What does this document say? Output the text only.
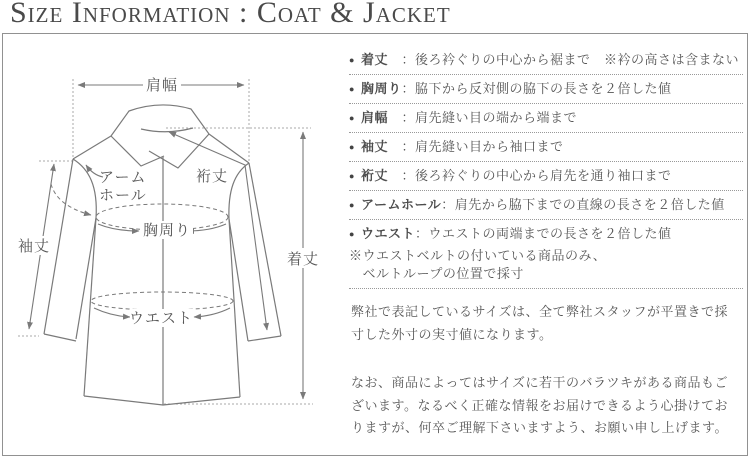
Size Information : Coat & Jacket
肩幅
裄丈
アーム
ホール
胸周り
袖丈
ウエスト
着丈
● 着丈　：後ろ衿ぐりの中心から裾まで　※衿の高さは含まない
● 胸周り：脇下から反対側の脇下の長さを２倍した値
● 肩幅　：肩先縫い目の端から端まで
● 袖丈　：肩先縫い目から袖口まで
● 裄丈　：後ろ衿ぐりの中心から肩先を通り袖口まで
● アームホール：肩先から脇下までの直線の長さを２倍した値
● ウエスト：ウエストの両端までの長さを２倍した値
※ウエストベルトの付いている商品のみ、
　ベルトループの位置で採寸

弊社で表記しているサイズは、全て弊社スタッフが平置きで採寸した外寸の実寸値になります。

なお、商品によってはサイズに若干のバラツキがある商品もございます。なるべく正確な情報をお届けできるよう心掛けておりますが、何卒ご理解下さいますよう、お願い申し上げます。
